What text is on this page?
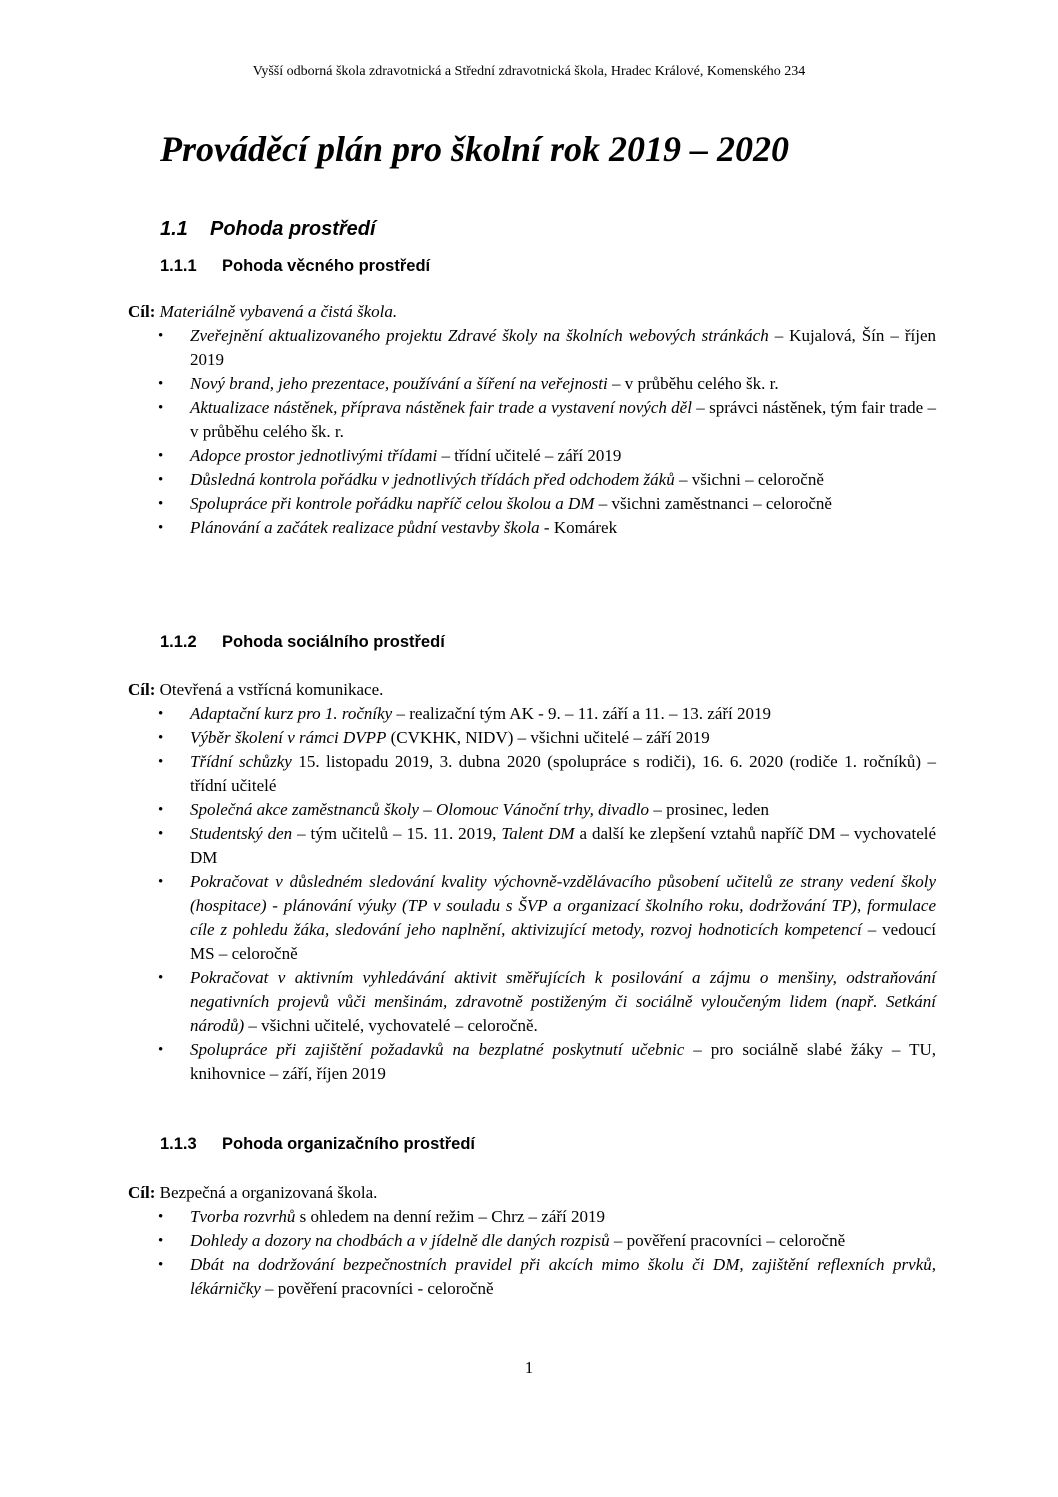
Vyšší odborná škola zdravotnická a Střední zdravotnická škola, Hradec Králové, Komenského 234
Prováděcí plán pro školní rok 2019 – 2020
1.1 Pohoda prostředí
1.1.1 Pohoda věcného prostředí

Cíl: Materiálně vybavená a čistá škola.

• Zveřejnění aktualizovaného projektu Zdravé školy na školních webových stránkách – Kujalová, Šín – říjen 2019
• Nový brand, jeho prezentace, používání a šíření na veřejnosti – v průběhu celého šk. r.
• Aktualizace nástěnek, příprava nástěnek fair trade a vystavení nových děl – správci nástěnek, tým fair trade – v průběhu celého šk. r.
• Adopce prostor jednotlivými třídami – třídní učitelé – září 2019
• Důsledná kontrola pořádku v jednotlivých třídách před odchodem žáků – všichni – celoročně
• Spolupráce při kontrole pořádku napříč celou školou a DM – všichni zaměstnanci – celoročně
• Plánování a začátek realizace půdní vestavby škola - Komárek
1.1.2 Pohoda sociálního prostředí

Cíl: Otevřená a vstřícná komunikace.

• Adaptační kurz pro 1. ročníky – realizační tým AK - 9. – 11. září a 11. – 13. září 2019
• Výběr školení v rámci DVPP (CVKHK, NIDV) – všichni učitelé – září 2019
• Třídní schůzky 15. listopadu 2019, 3. dubna 2020 (spolupráce s rodiči), 16. 6. 2020 (rodiče 1. ročníků) – třídní učitelé
• Společná akce zaměstnanců školy – Olomouc Vánoční trhy, divadlo – prosinec, leden
• Studentský den – tým učitelů – 15. 11. 2019, Talent DM a další ke zlepšení vztahů napříč DM – vychovatelé DM
• Pokračovat v důsledném sledování kvality výchovně-vzdělávacího působení učitelů ze strany vedení školy (hospitace) - plánování výuky (TP v souladu s ŠVP a organizací školního roku, dodržování TP), formulace cíle z pohledu žáka, sledování jeho naplnění, aktivizující metody, rozvoj hodnoticích kompetencí – vedoucí MS – celoročně
• Pokračovat v aktivním vyhledávání aktivit směřujících k posilování a zájmu o menšiny, odstraňování negativních projevů vůči menšinám, zdravotně postiženým či sociálně vyloučeným lidem (např. Setkání národů) – všichni učitelé, vychovatelé – celoročně.
• Spolupráce při zajištění požadavků na bezplatné poskytnutí učebnic – pro sociálně slabé žáky – TU, knihovnice – září, říjen 2019
1.1.3 Pohoda organizačního prostředí

Cíl: Bezpečná a organizovaná škola.

• Tvorba rozvrhů s ohledem na denní režim – Chrz – září 2019
• Dohledy a dozory na chodbách a v jídelně dle daných rozpisů – pověření pracovníci – celoročně
• Dbát na dodržování bezpečnostních pravidel při akcích mimo školu či DM, zajištění reflexních prvků, lékárničky – pověření pracovníci - celoročně
1
